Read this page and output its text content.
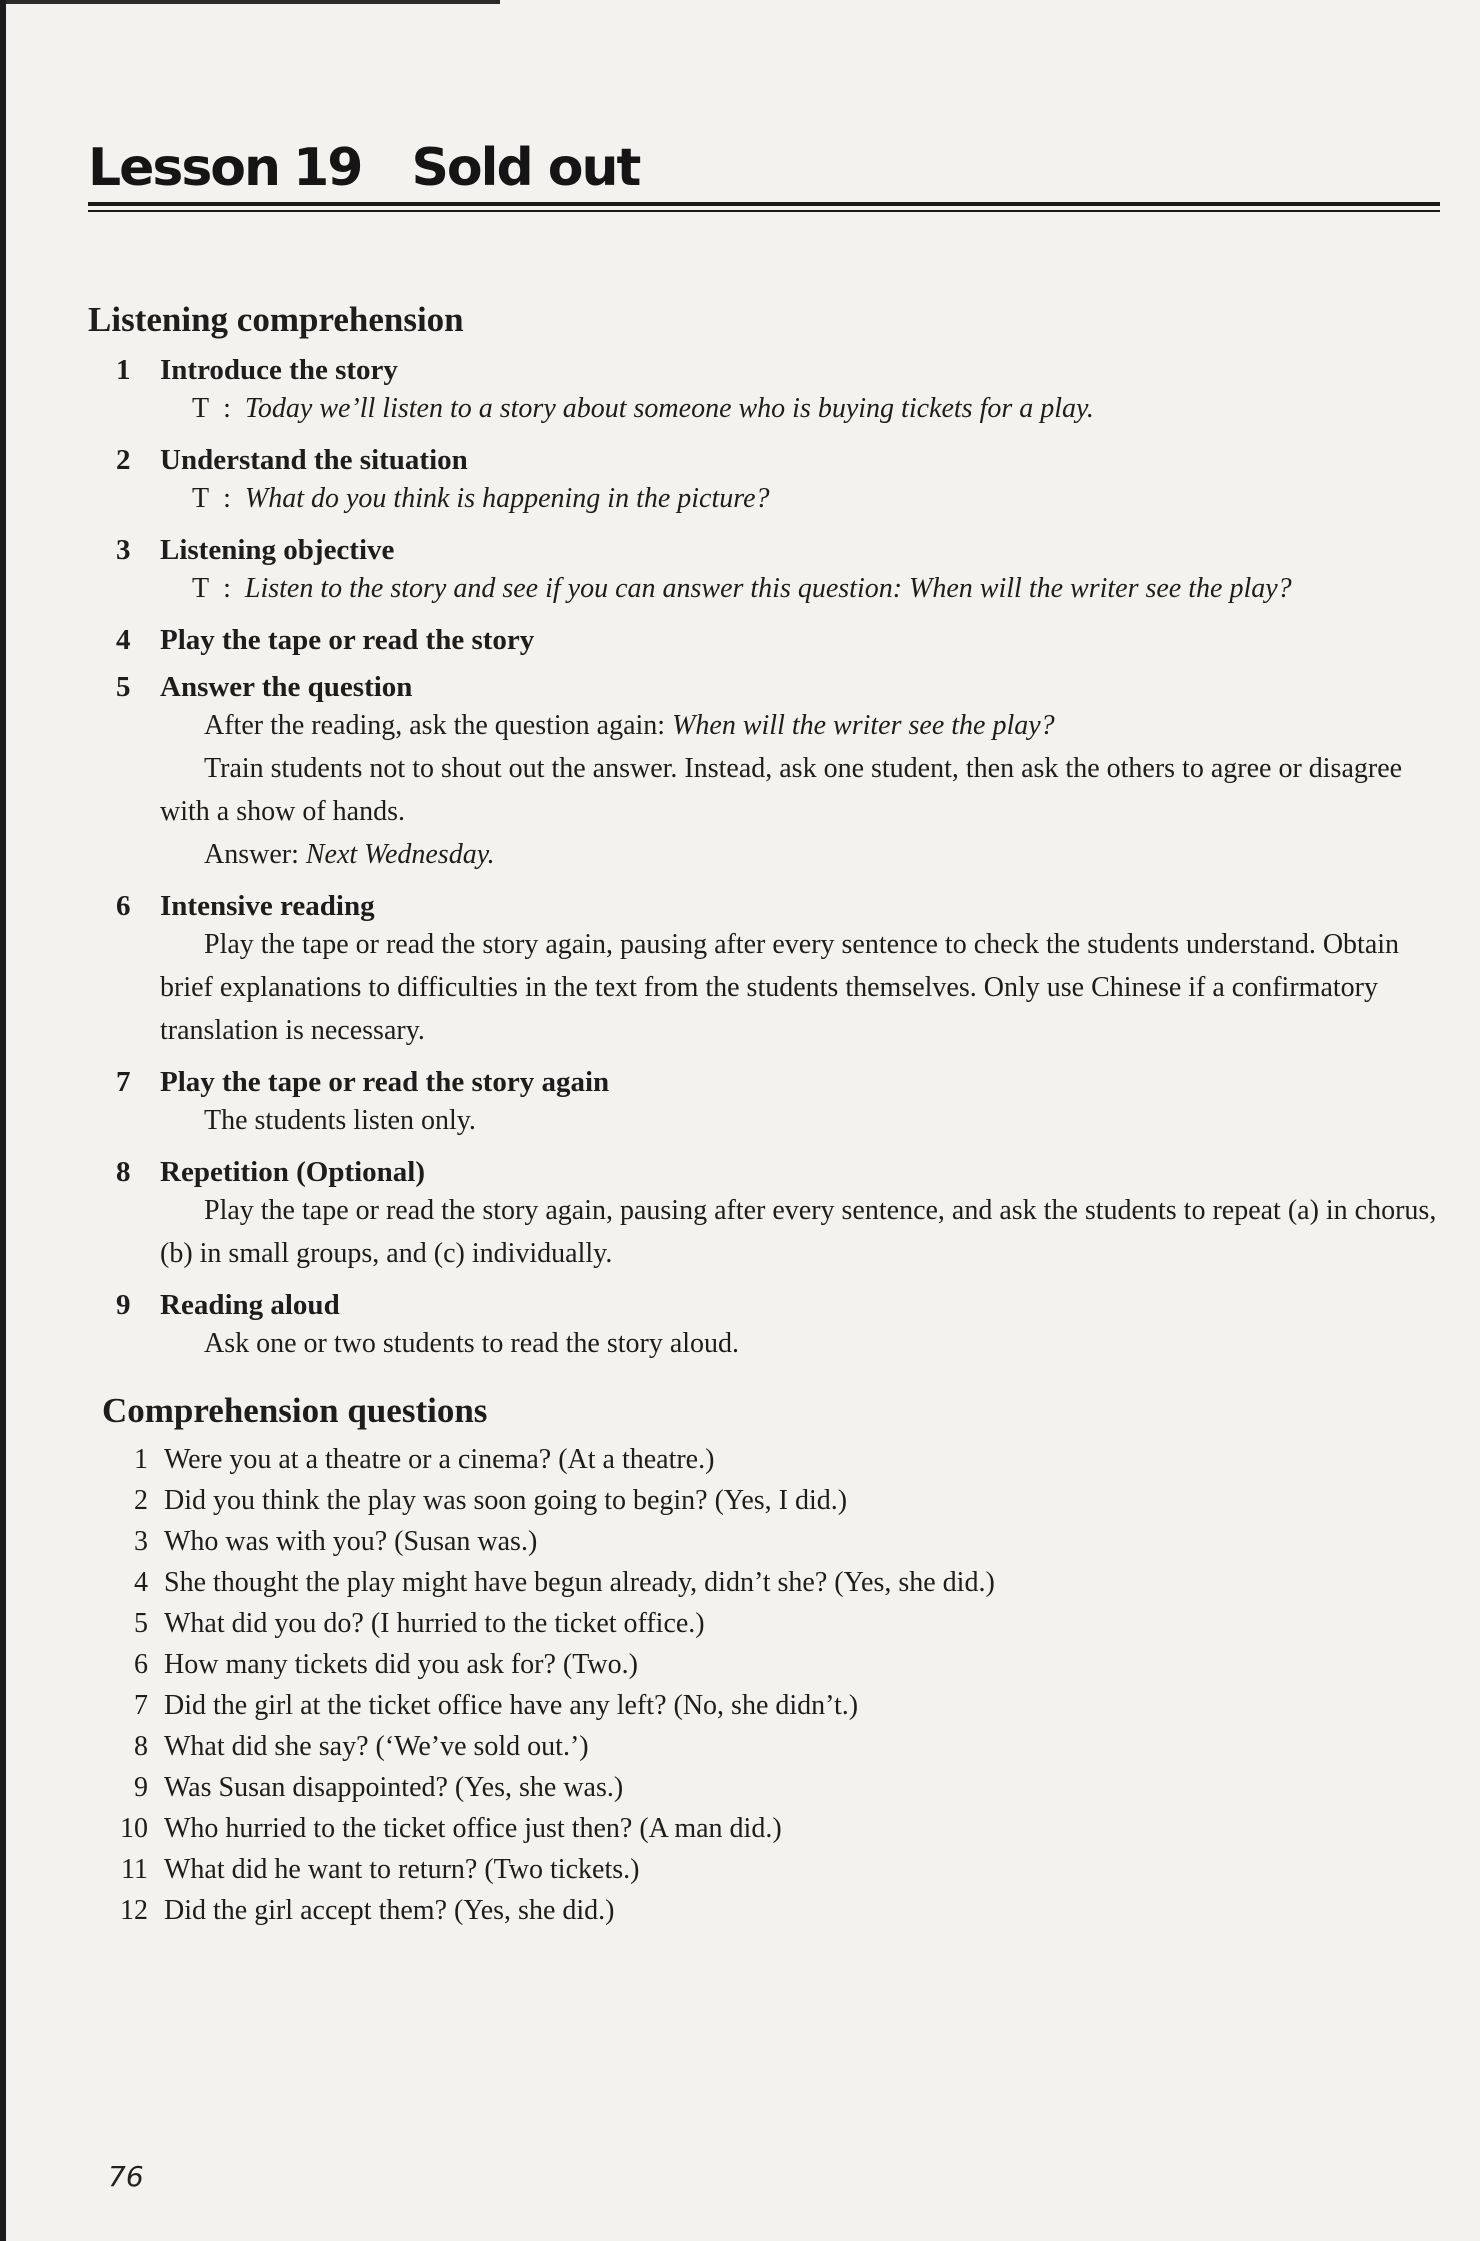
Lesson 19 Sold out
Listening comprehension
1	Introduce the story

T : Today we’ll listen to a story about someone who is buying tickets for a play.

2	Understand the situation

T : What do you think is happening in the picture?

3	Listening objective

T : Listen to the story and see if you can answer this question: When will the writer see the play?

4	Play the tape or read the story
5	Answer the question

After the reading, ask the question again: When will the writer see the play?

Train students not to shout out the answer. Instead, ask one student, then ask the others to agree or disagree with a show of hands.

Answer: Next Wednesday.

6	Intensive reading

Play the tape or read the story again, pausing after every sentence to check the students understand. Obtain brief explanations to difficulties in the text from the students themselves. Only use Chinese if a confirmatory translation is necessary.

7	Play the tape or read the story again

The students listen only.

8	Repetition (Optional)

Play the tape or read the story again, pausing after every sentence, and ask the students to repeat (a) in chorus, (b) in small groups, and (c) individually.

9	Reading aloud

Ask one or two students to read the story aloud.

Comprehension questions
1 Were you at a theatre or a cinema? (At a theatre.)
2 Did you think the play was soon going to begin? (Yes, I did.)
3 Who was with you? (Susan was.)
4 She thought the play might have begun already, didn’t she? (Yes, she did.)
5 What did you do? (I hurried to the ticket office.)
6 How many tickets did you ask for? (Two.)
7 Did the girl at the ticket office have any left? (No, she didn’t.)
8 What did she say? (‘We’ve sold out.’)
9 Was Susan disappointed? (Yes, she was.)
10 Who hurried to the ticket office just then? (A man did.)
11 What did he want to return? (Two tickets.)
12 Did the girl accept them? (Yes, she did.)
76
